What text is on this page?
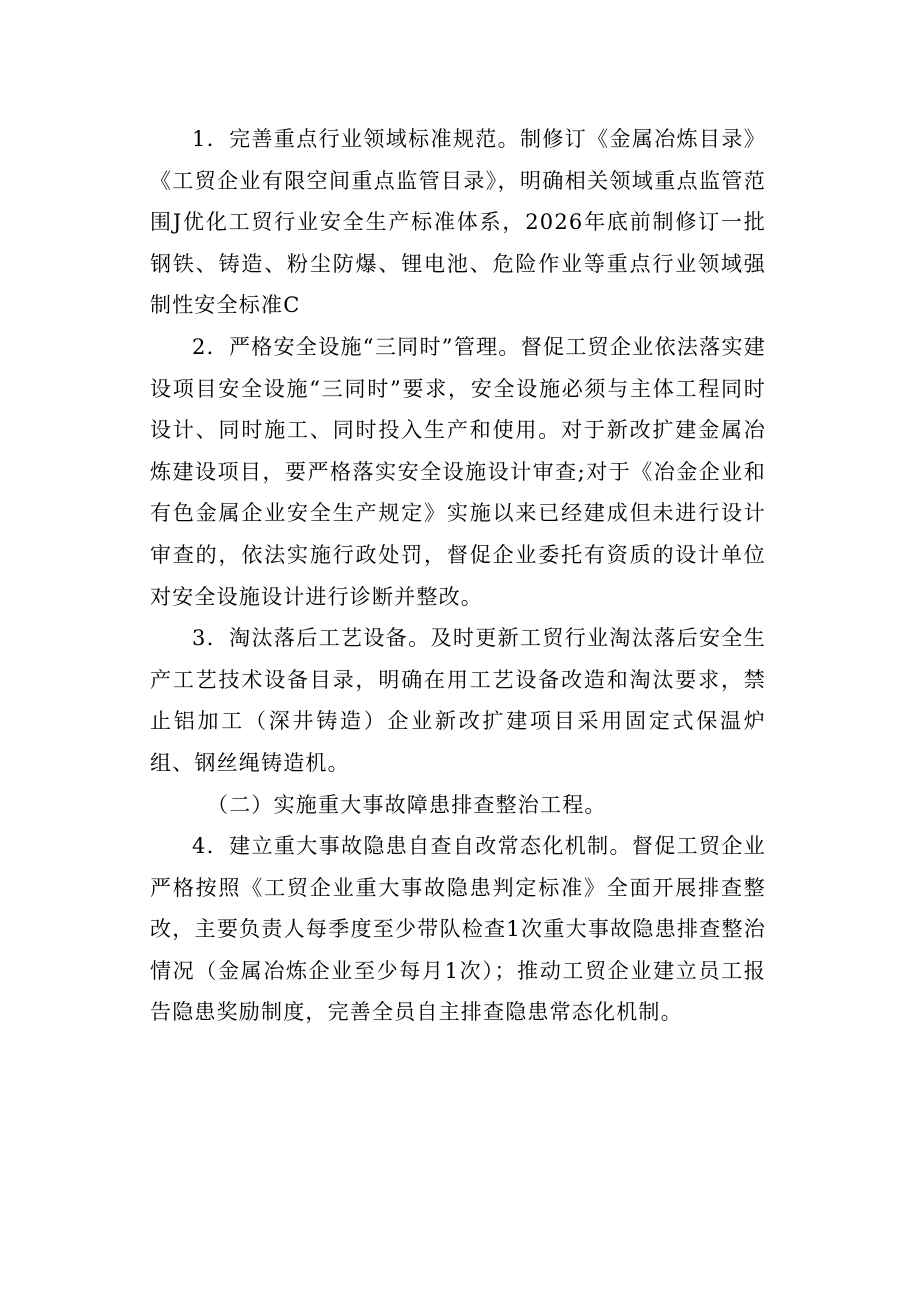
1．完善重点行业领域标准规范。制修订《金属冶炼目录》《工贸企业有限空间重点监管目录》，明确相关领域重点监管范围J优化工贸行业安全生产标准体系，2026年底前制修订一批钢铁、铸造、粉尘防爆、锂电池、危险作业等重点行业领域强制性安全标准C

2．严格安全设施“三同时”管理。督促工贸企业依法落实建设项目安全设施“三同时”要求，安全设施必须与主体工程同时设计、同时施工、同时投入生产和使用。对于新改扩建金属冶炼建设项目，要严格落实安全设施设计审查;对于《冶金企业和有色金属企业安全生产规定》实施以来已经建成但未进行设计审查的，依法实施行政处罚，督促企业委托有资质的设计单位对安全设施设计进行诊断并整改。

3．淘汰落后工艺设备。及时更新工贸行业淘汰落后安全生产工艺技术设备目录，明确在用工艺设备改造和淘汰要求，禁止铝加工（深井铸造）企业新改扩建项目采用固定式保温炉组、钢丝绳铸造机。

（二）实施重大事故障患排查整治工程。

4．建立重大事故隐患自查自改常态化机制。督促工贸企业严格按照《工贸企业重大事故隐患判定标准》全面开展排查整改，主要负责人每季度至少带队检查1次重大事故隐患排查整治情况（金属冶炼企业至少每月1次）；推动工贸企业建立员工报告隐患奖励制度，完善全员自主排查隐患常态化机制。
